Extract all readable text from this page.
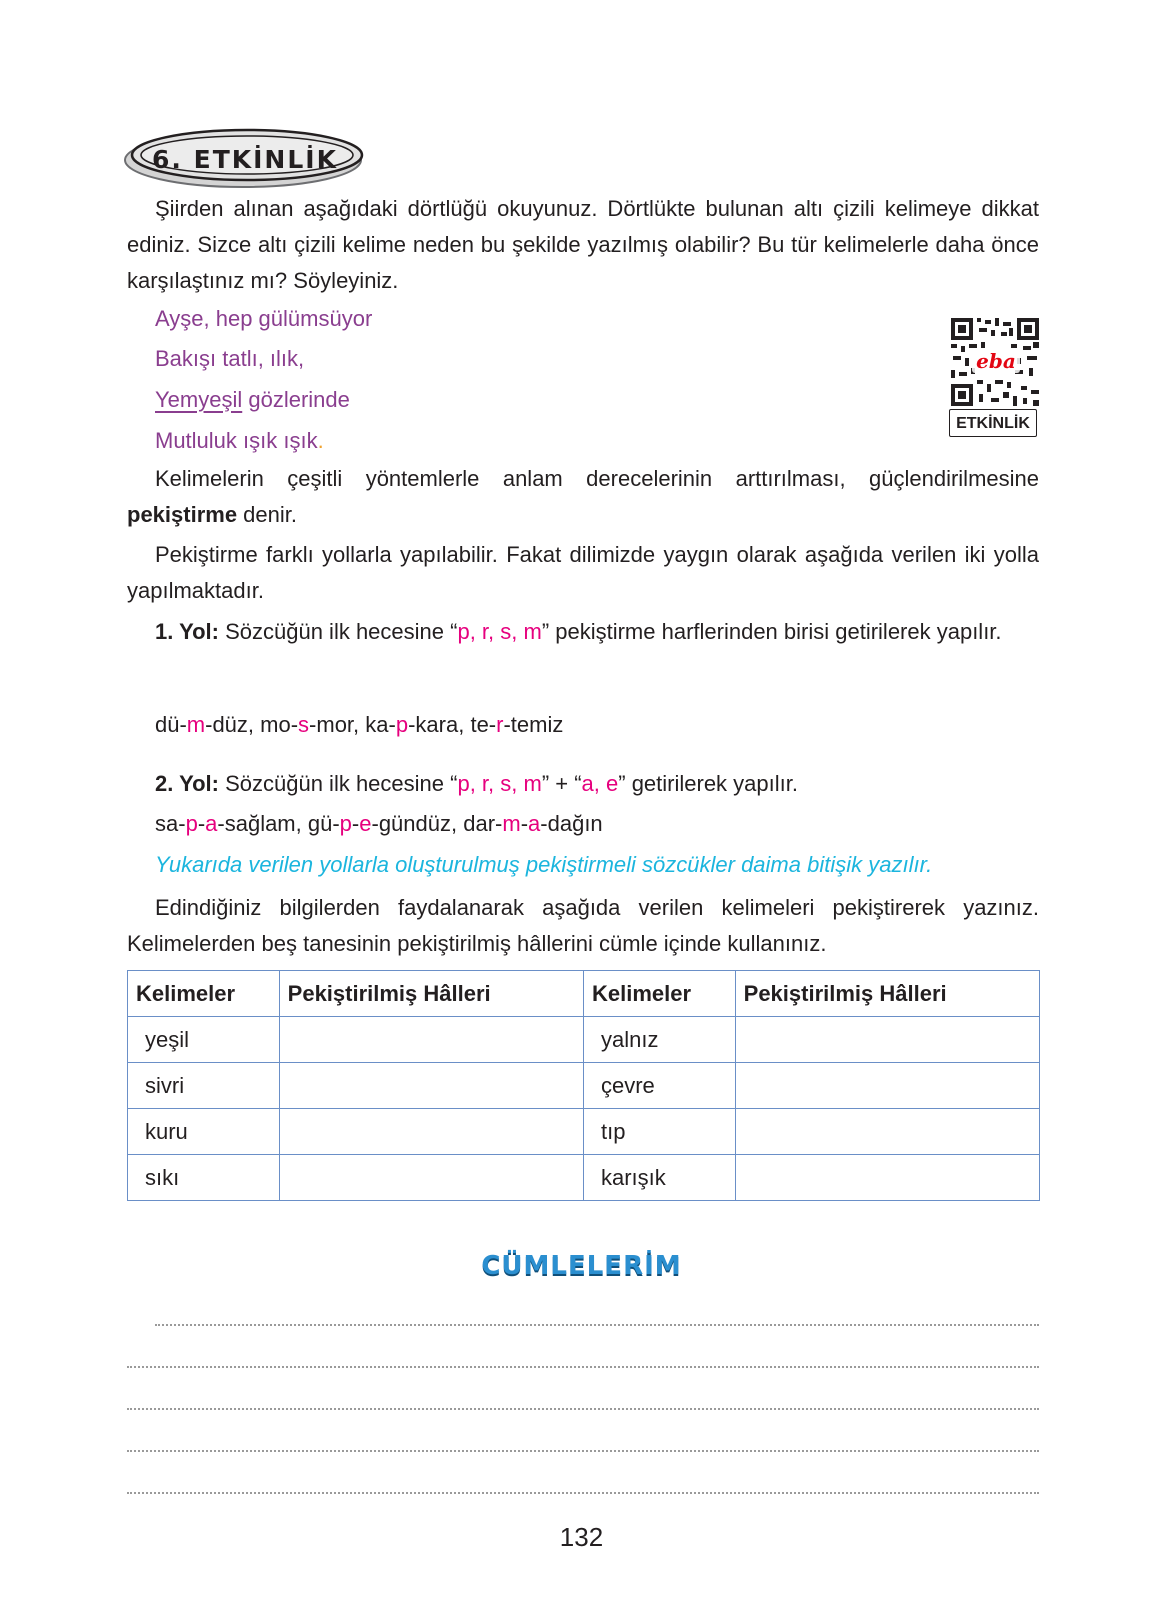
6. ETKİNLİK

Şiirden alınan aşağıdaki dörtlüğü okuyunuz. Dörtlükte bulunan altı çizili kelimeye dikkat ediniz. Sizce altı çizili kelime neden bu şekilde yazılmış olabilir? Bu tür kelimelerle daha önce karşılaştınız mı? Söyleyiniz.

Ayşe, hep gülümsüyor

Bakışı tatlı, ılık,

Yemyeşil gözlerinde

Mutluluk ışık ışık.

eba
ETKİNLİK

Kelimelerin çeşitli yöntemlerle anlam derecelerinin arttırılması, güçlendirilmesine pekiştirme denir.

Pekiştirme farklı yollarla yapılabilir. Fakat dilimizde yaygın olarak aşağıda verilen iki yolla yapılmaktadır.

1. Yol: Sözcüğün ilk hecesine “p, r, s, m” pekiştirme harflerinden birisi getirilerek yapılır.

dü-m-düz, mo-s-mor, ka-p-kara, te-r-temiz

2. Yol: Sözcüğün ilk hecesine “p, r, s, m” + “a, e” getirilerek yapılır.

sa-p-a-sağlam, gü-p-e-gündüz, dar-m-a-dağın

Yukarıda verilen yollarla oluşturulmuş pekiştirmeli sözcükler daima bitişik yazılır.

Edindiğiniz bilgilerden faydalanarak aşağıda verilen kelimeleri pekiştirerek yazınız. Kelimelerden beş tanesinin pekiştirilmiş hâllerini cümle içinde kullanınız.

Kelimeler	Pekiştirilmiş Hâlleri	Kelimeler	Pekiştirilmiş Hâlleri
yeşil		yalnız	
sivri		çevre	
kuru		tıp	
sıkı		karışık	
CÜMLELERİM
132
